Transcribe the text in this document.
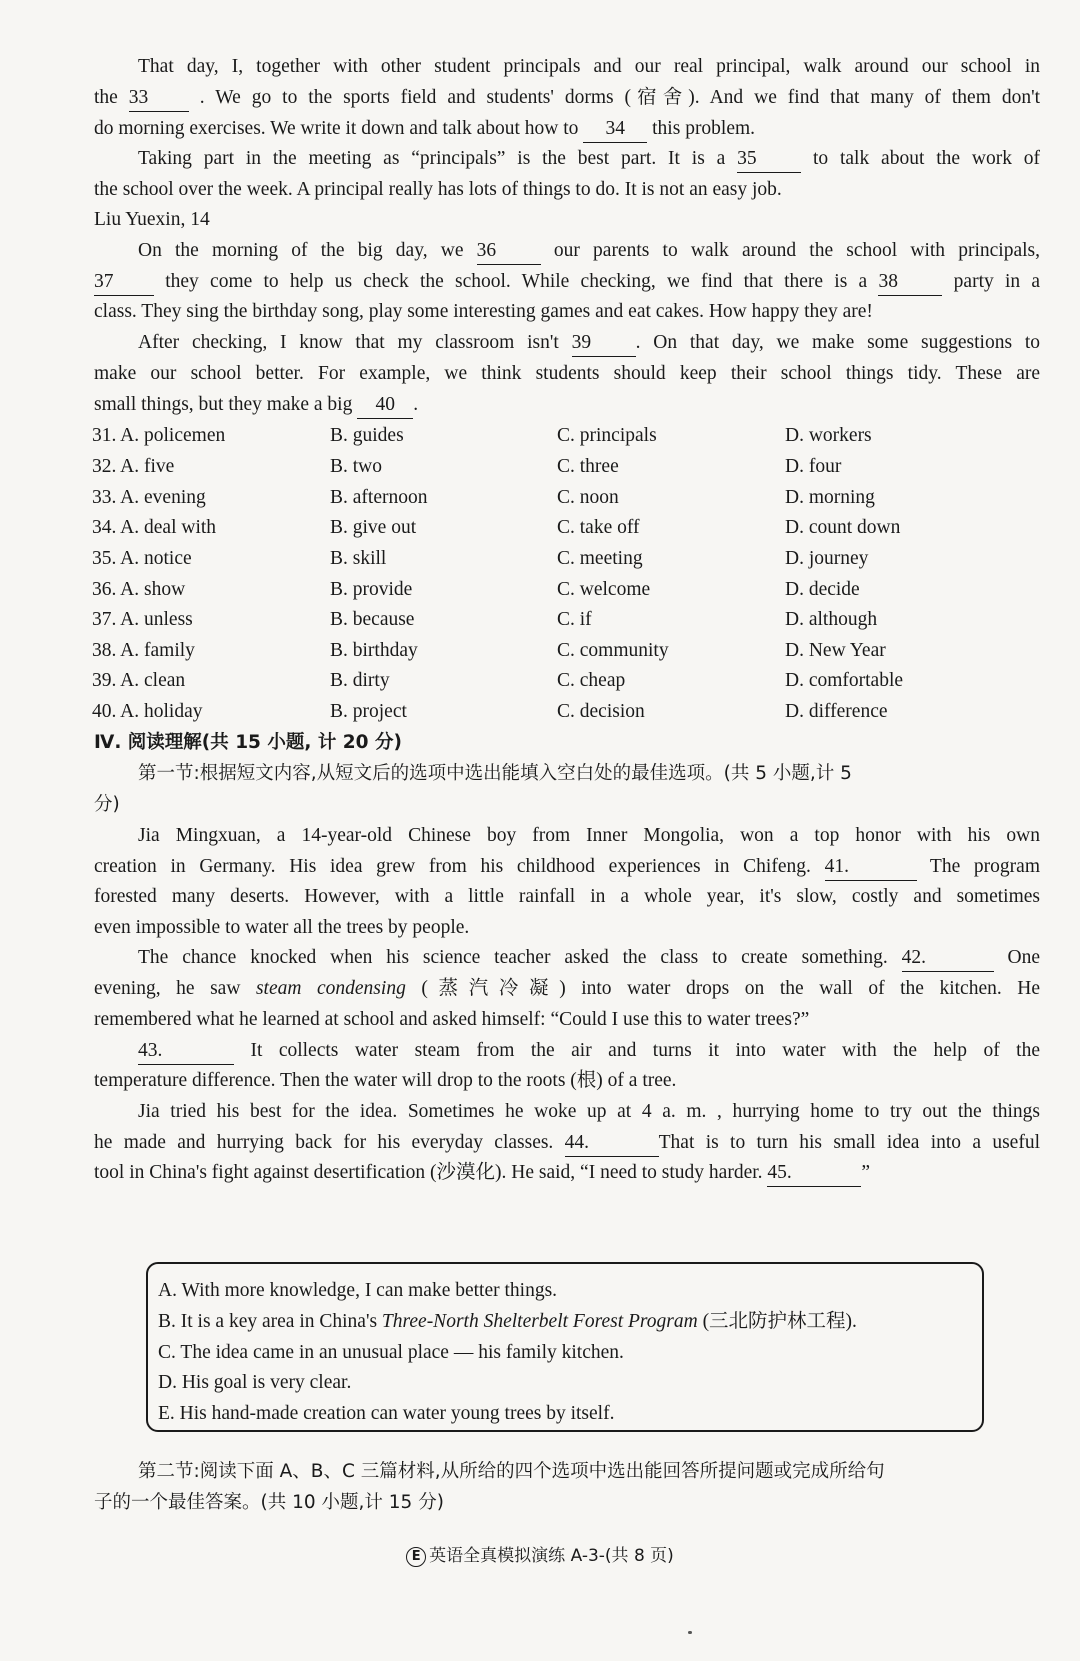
That day, I, together with other student principals and our real principal, walk around our school in
the 33	. We go to the sports field and students' dorms (宿舍). And we find that many of them don't
do morning exercises. We write it down and talk about how to 34 this problem.
Taking part in the meeting as “principals” is the best part. It is a 35	to talk about the work of
the school over the week. A principal really has lots of things to do. It is not an easy job.
Liu Yuexin, 14
On the morning of the big day, we 36	our parents to walk around the school with principals,
37	they come to help us check the school. While checking, we find that there is a 38	party in a
class. They sing the birthday song, play some interesting games and eat cakes. How happy they are!
After checking, I know that my classroom isn't 39 . On that day, we make some suggestions to
make our school better. For example, we think students should keep their school things tidy. These are
small things, but they make a big 40 .
31. A. policemen	B. guides	C. principals	D. workers
32. A. five	B. two	C. three	D. four
33. A. evening	B. afternoon	C. noon	D. morning
34. A. deal with	B. give out	C. take off	D. count down
35. A. notice	B. skill	C. meeting	D. journey
36. A. show	B. provide	C. welcome	D. decide
37. A. unless	B. because	C. if	D. although
38. A. family	B. birthday	C. community	D. New Year
39. A. clean	B. dirty	C. cheap	D. comfortable
40. A. holiday	B. project	C. decision	D. difference
Ⅳ. 阅读理解(共 15 小题, 计 20 分)
第一节:根据短文内容,从短文后的选项中选出能填入空白处的最佳选项。(共 5 小题,计 5
分)
Jia Mingxuan, a 14-year-old Chinese boy from Inner Mongolia, won a top honor with his own
creation in Germany. His idea grew from his childhood experiences in Chifeng. 41.	The program
forested many deserts. However, with a little rainfall in a whole year, it's slow, costly and sometimes
even impossible to water all the trees by people.
The chance knocked when his science teacher asked the class to create something. 42.	One
evening, he saw steam condensing (蒸汽冷凝) into water drops on the wall of the kitchen. He
remembered what he learned at school and asked himself: “Could I use this to water trees?”
43.	It collects water steam from the air and turns it into water with the help of the
temperature difference. Then the water will drop to the roots (根) of a tree.
Jia tried his best for the idea. Sometimes he woke up at 4 a. m. , hurrying home to try out the things
he made and hurrying back for his everyday classes. 44.	That is to turn his small idea into a useful
tool in China's fight against desertification (沙漠化). He said, “I need to study harder. 45.	”
A. With more knowledge, I can make better things.
B. It is a key area in China's Three-North Shelterbelt Forest Program (三北防护林工程).
C. The idea came in an unusual place — his family kitchen.
D. His goal is very clear.
E. His hand-made creation can water young trees by itself.
第二节:阅读下面 A、B、C 三篇材料,从所给的四个选项中选出能回答所提问题或完成所给句
子的一个最佳答案。(共 10 小题,计 15 分)
E 英语全真模拟演练 A-3-(共 8 页)
